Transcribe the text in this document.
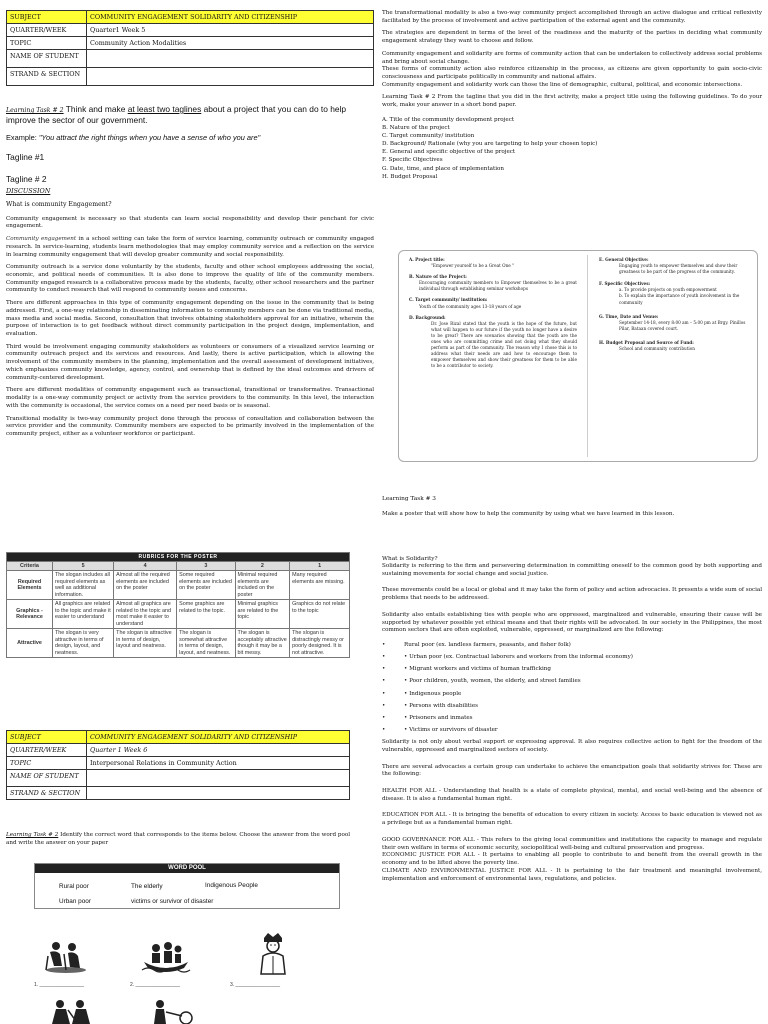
SUBJECT	COMMUNITY ENGAGEMENT SOLIDARITY AND CITIZENSHIP
QUARTER/WEEK	Quarter1 Week 5
TOPIC	Community Action Modalities
NAME OF STUDENT	
STRAND & SECTION	
Learning Task # 2 Think and make at least two taglines about a project that you can do to help improve the sector of our government.
Example: "You attract the right things when you have a sense of who you are"
Tagline #1
Tagline # 2
DISCUSSION
What is community Engagement?
Community engagement is necessary so that students can learn social responsibility and develop their penchant for civic engagement.
Community engagement in a school setting can take the form of service learning, community outreach or community engaged research. In service-learning, students learn methodologies that may employ community service and a reflection on the service in learning community engagement that will develop greater community and social responsibility.
Community outreach is a service done voluntarily by the students, faculty and other school employees addressing the social, economic, and political needs of communities. It is also done to improve the quality of life of the community members. Community engaged research is a collaborative process made by the students, faculty, other school researchers and the partner community to conduct research that will respond to community issues and concerns.
There are different approaches in this type of community engagement depending on the issue in the community that is being addressed. First, a one-way relationship in disseminating information to community members can be done via traditional media, mass media and social media. Second, consultation that involves obtaining stakeholders approval for an initiative, wherein the purpose of interaction is to get feedback without direct community participation in the project design, implementation, and evaluation.
Third would be involvement engaging community stakeholders as volunteers or consumers of a visualized service learning or community outreach project and its services and resources. And lastly, there is active participation, which is allowing the involvement of the community members in the planning, implementation and the overall assessment of development initiatives, which emphasizes community knowledge, agency, control, and ownership that is defined by the ideal outcomes and drivers of community-centered development.
There are different modalities of community engagement such as transactional, transitional or transformative. Transactional modality is a one-way community project or activity from the service providers to the community. In this level, the interaction with the community is occasional, the service comes on a need per need basis or is seasonal.
Transitional modality is two-way community project done through the process of consultation and collaboration between the service provider and the community. Community members are expected to be primarily involved in the implementation of the community project, either as a volunteer workforce or participant.
The transformational modality is also a two-way community project accomplished through an active dialogue and critical reflexivity facilitated by the process of involvement and active participation of the external agent and the community.
The strategies are dependent in terms of the level of the readiness and the maturity of the parties in deciding what community engagement strategy they want to choose and follow.
Community engagement and solidarity are forms of community action that can be undertaken to collectively address social problems and bring about social change.
These forms of community action also reinforce citizenship in the process, as citizens are given opportunity to gain socio-civic consciousness and participate politically in community and national affairs.
Community engagement and solidarity work can those the line of demographic, cultural, political, and economic intersections.
Learning Task # 2 From the tagline that you did in the first activity, make a project title using the following guidelines. To do your work, make your answer in a short bond paper.
A. Title of the community development project
B. Nature of the project
C. Target community/ institution
D. Background/ Rationale (why you are targeting to help your chosen topic)
E. General and specific objective of the project
F. Specific Objectives
G. Date, time, and place of implementation
H. Budget Proposal
A. Project title:
"Empower yourself to be a Great One "
B. Nature of the Project:
Encouraging community members to Empower themselves to be a great individual through establishing seminar workshops
C. Target community/ institution:
Youth of the community ages 13-18 years of age
D. Background:
Dr. Jose Rizal stated that the youth is the hope of the future, but what will happen to our future if the youth no longer have a desire to be great? There are scenarios showing that the youth are the ones who are committing crime and not doing what they should perform as part of the community. The reason why I chose this is to address what their needs are and how to encourage them to empower themselves and show their greatness for them to be able to be a contributor to society.
E. General Objective:
Engaging youth to empower themselves and show their greatness to be part of the progress of the community.
F. Specific Objectives:
a. To provide projects on youth empowerment
b. To explain the importance of youth involvement in the community
G. Time, Date and Venue:
September 14-18, every 8:00 am – 5:00 pm at Brgy. Pinillos Pilar, Bataan covered court.
H. Budget Proposal and Source of Fund:
School and community contribution
Learning Task # 3
Make a poster that will show how to help the community by using what we have learned in this lesson.
RUBRICS FOR THE POSTER					
Criteria	5	4	3	2	1
Required Elements	The slogan includes all required elements as well as additional information.	Almost all the required elements are included on the poster	Some required elements are included on the poster	Minimal required elements are included on the poster	Many required elements are missing.
Graphics - Relevance	All graphics are related to the topic and make it easier to understand	Almost all graphics are related to the topic and most make it easier to understand	Some graphics are related to the topic.	Minimal graphics are related to the topic	Graphics do not relate to the topic
Attractive	The slogan is very attractive in terms of design, layout, and neatness.	The slogan is attractive in terms of design, layout and neatness.	The slogan is somewhat attractive in terms of design, layout, and neatness.	The slogan is acceptably attractive though it may be a bit messy.	The slogan is distractingly messy or poorly designed. It is not attractive.
SUBJECT	COMMUNITY ENGAGEMENT SOLIDARITY AND CITIZENSHIP
QUARTER/WEEK	Quarter 1 Week 6
TOPIC	Interpersonal Relations in Community Action
NAME OF STUDENT	
STRAND & SECTION	
Learning Task # 2 Identify the correct word that corresponds to the items below. Choose the answer from the word pool and write the answer on your paper
WORD POOL
Rural poor	The elderly	Indigenous People
Urban poor	victims or survivor of disaster
1. ________________	2. ________________	3. ________________
What is Solidarity?
Solidarity is referring to the firm and persevering determination in committing oneself to the common good by both supporting and sustaining movements for social change and social justice.
These movements could be a local or global and it may take the form of policy and action advocacies. It presents a wide sum of social problems that needs to be addressed.
Solidarity also entails establishing ties with people who are oppressed, marginalized and vulnerable, ensuring their cause will be supported by whatever possible yet ethical means and that their rights will be advocated. In our society in the Philippines, the most common sectors that are often exploited, vulnerable, oppressed, or marginalized are the following:
•	Rural poor (ex. landless farmers, peasants, and fisher folk)
•	• Urban poor (ex. Contractual laborers and workers from the informal economy)
•	• Migrant workers and victims of human trafficking
•	• Poor children, youth, women, the elderly, and street families
•	• Indigenous people
•	• Persons with disabilities
•	• Prisoners and inmates
•	• Victims or survivors of disaster
Solidarity is not only about verbal support or expressing approval. It also requires collective action to fight for the freedom of the vulnerable, oppressed and marginalized sectors of society.
There are several advocacies a certain group can undertake to achieve the emancipation goals that solidarity strives for. These are the following:
HEALTH FOR ALL - Understanding that health is a state of complete physical, mental, and social well-being and the absence of disease. It is also a fundamental human right.
EDUCATION FOR ALL - It is bringing the benefits of education to every citizen in society. Access to basic education is viewed not as a privilege but as a fundamental human right.
GOOD GOVERNANCE FOR ALL - This refers to the giving local communities and institutions the capacity to manage and regulate their own welfare in terms of economic security, sociopolitical well-being and cultural preservation and progress.
ECONOMIC JUSTICE FOR ALL - It pertains to enabling all people to contribute to and benefit from the overall growth in the economy and to be lifted above the poverty line.
CLIMATE AND ENVIRONMENTAL JUSTICE FOR ALL - It is pertaining to the fair treatment and meaningful involvement, implementation and enforcement of environmental laws, regulations, and policies.
